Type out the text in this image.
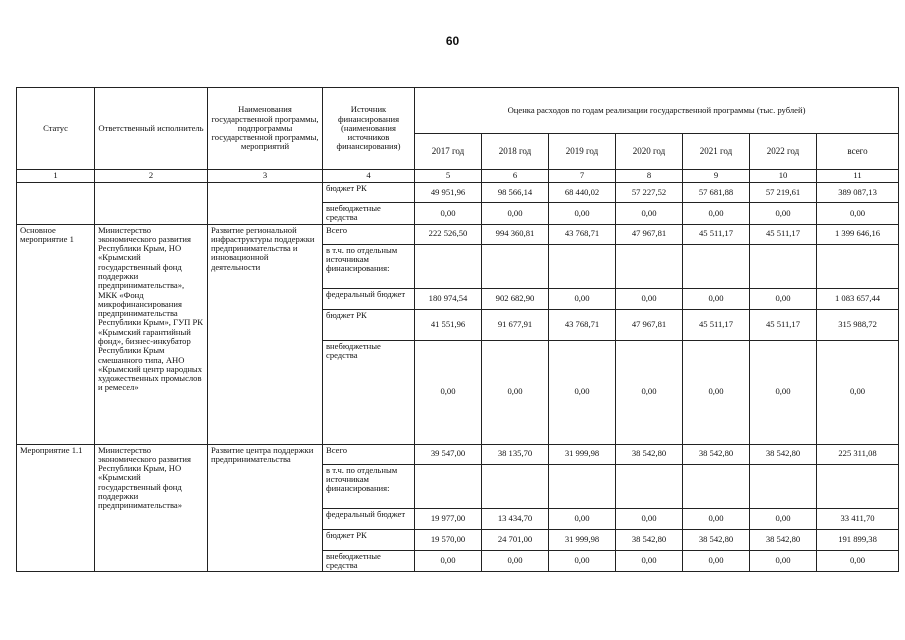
60
Статус	Ответственный исполнитель	Наименования государственной программы, подпрограммы государственной программы, мероприятий	Источник финансирования (наименования источников финансирования)	Оценка расходов по годам реализации государственной программы (тыс. рублей)						
				2017 год	2018 год	2019 год	2020 год	2021 год	2022 год	всего
1	2	3	4	5	6	7	8	9	10	11
			бюджет РК	49 951,96	98 566,14	68 440,02	57 227,52	57 681,88	57 219,61	389 087,13
			внебюджетные средства	0,00	0,00	0,00	0,00	0,00	0,00	0,00
Основное мероприятие 1	Министерство экономического развития Республики Крым, НО «Крымский государственный фонд поддержки предпринимательства», МКК «Фонд микрофинансирования предпринимательства Республики Крым», ГУП РК «Крымский гарантийный фонд», бизнес-инкубатор Республики Крым смешанного типа, АНО «Крымский центр народных художественных промыслов и ремесел»	Развитие региональной инфраструктуры поддержки предпринимательства и инновационной деятельности	Всего	222 526,50	994 360,81	43 768,71	47 967,81	45 511,17	45 511,17	1 399 646,16
			в т.ч. по отдельным источникам финансирования:							
			федеральный бюджет	180 974,54	902 682,90	0,00	0,00	0,00	0,00	1 083 657,44
			бюджет РК	41 551,96	91 677,91	43 768,71	47 967,81	45 511,17	45 511,17	315 988,72
			внебюджетные средства	0,00	0,00	0,00	0,00	0,00	0,00	0,00
Мероприятие 1.1	Министерство экономического развития Республики Крым, НО «Крымский государственный фонд поддержки предпринимательства»	Развитие центра поддержки предпринимательства	Всего	39 547,00	38 135,70	31 999,98	38 542,80	38 542,80	38 542,80	225 311,08
			в т.ч. по отдельным источникам финансирования:							
			федеральный бюджет	19 977,00	13 434,70	0,00	0,00	0,00	0,00	33 411,70
			бюджет РК	19 570,00	24 701,00	31 999,98	38 542,80	38 542,80	38 542,80	191 899,38
			внебюджетные средства	0,00	0,00	0,00	0,00	0,00	0,00	0,00
